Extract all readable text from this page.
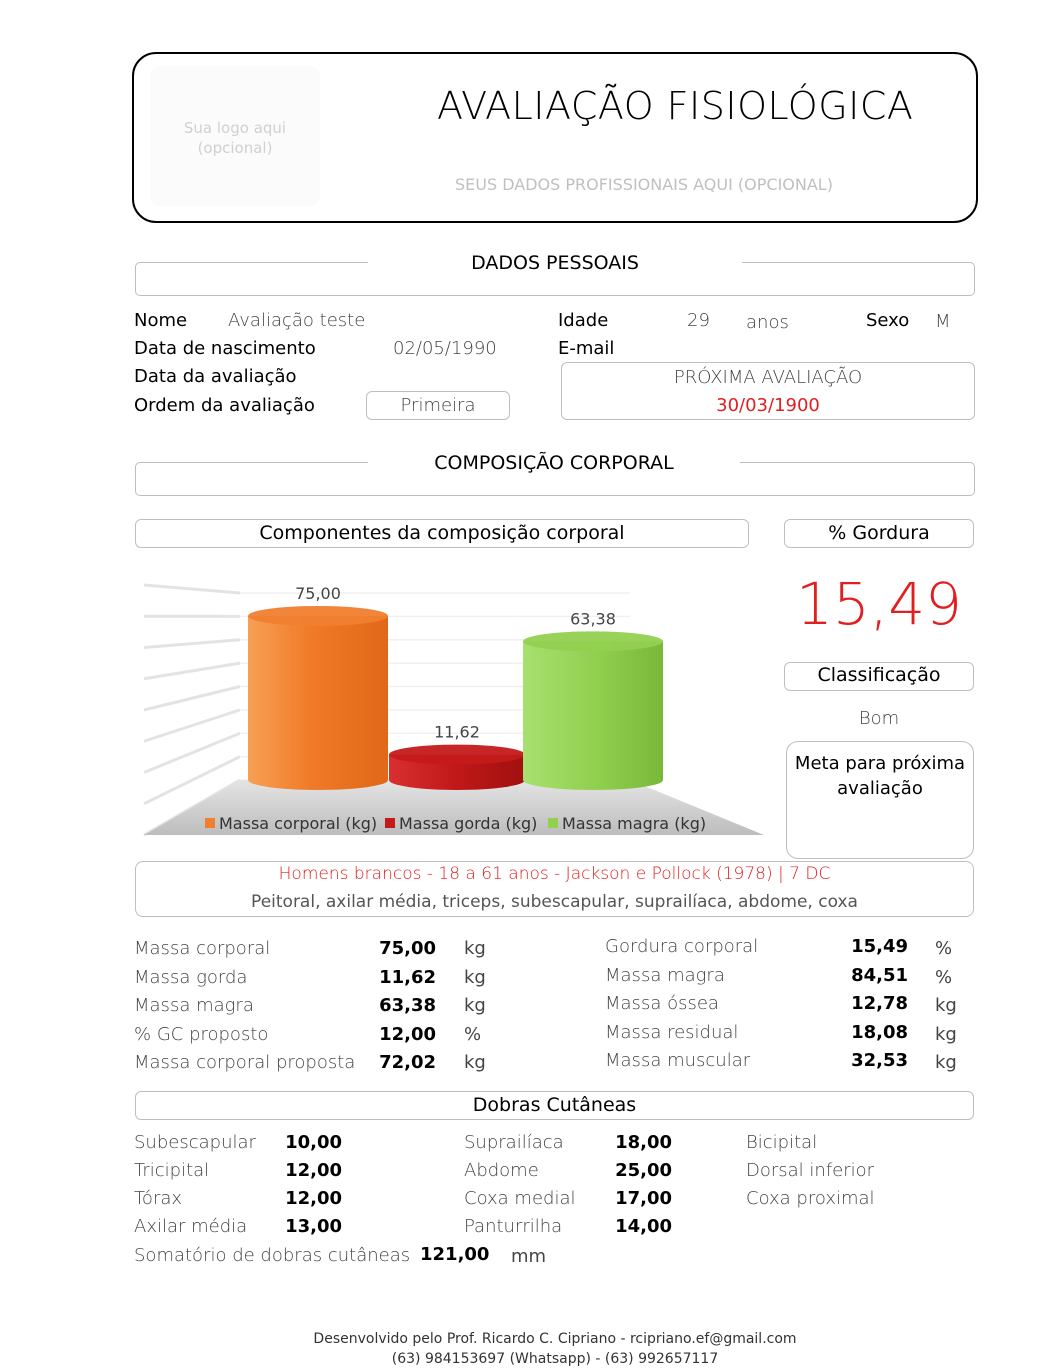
Sua logo aqui
(opcional)
AVALIAÇÃO FISIOLÓGICA
SEUS DADOS PROFISSIONAIS AQUI (OPCIONAL)
DADOS PESSOAIS
Nome Avaliação teste	Idade	29 anos	Sexo M
Data de nascimento	02/05/1990	E-mail
Data da avaliação
Ordem da avaliação	Primeira
PRÓXIMA AVALIAÇÃO
30/03/1900
COMPOSIÇÃO CORPORAL
Componentes da composição corporal	% Gordura
15,49
Classificação
Bom
Meta para próxima
avaliação
75,00
11,62
63,38
Massa corporal (kg) Massa gorda (kg) Massa magra (kg)
Homens brancos - 18 a 61 anos - Jackson e Pollock (1978) | 7 DC
Peitoral, axilar média, triceps, subescapular, suprailíaca, abdome, coxa
Massa corporal	75,00 kg
Massa gorda	11,62 kg
Massa magra	63,38 kg
% GC proposto	12,00 %
Massa corporal proposta	72,02 kg
Gordura corporal	15,49 %
Massa magra	84,51 %
Massa óssea	12,78 kg
Massa residual	18,08 kg
Massa muscular	32,53 kg
Dobras Cutâneas
Subescapular	10,00
Tricipital	12,00
Tórax	12,00
Axilar média	13,00
Suprailíaca	18,00
Abdome	25,00
Coxa medial	17,00
Panturrilha	14,00
Bicipital
Dorsal inferior
Coxa proximal
Somatório de dobras cutâneas 121,00 mm
Desenvolvido pelo Prof. Ricardo C. Cipriano - rcipriano.ef@gmail.com
(63) 984153697 (Whatsapp) - (63) 992657117
